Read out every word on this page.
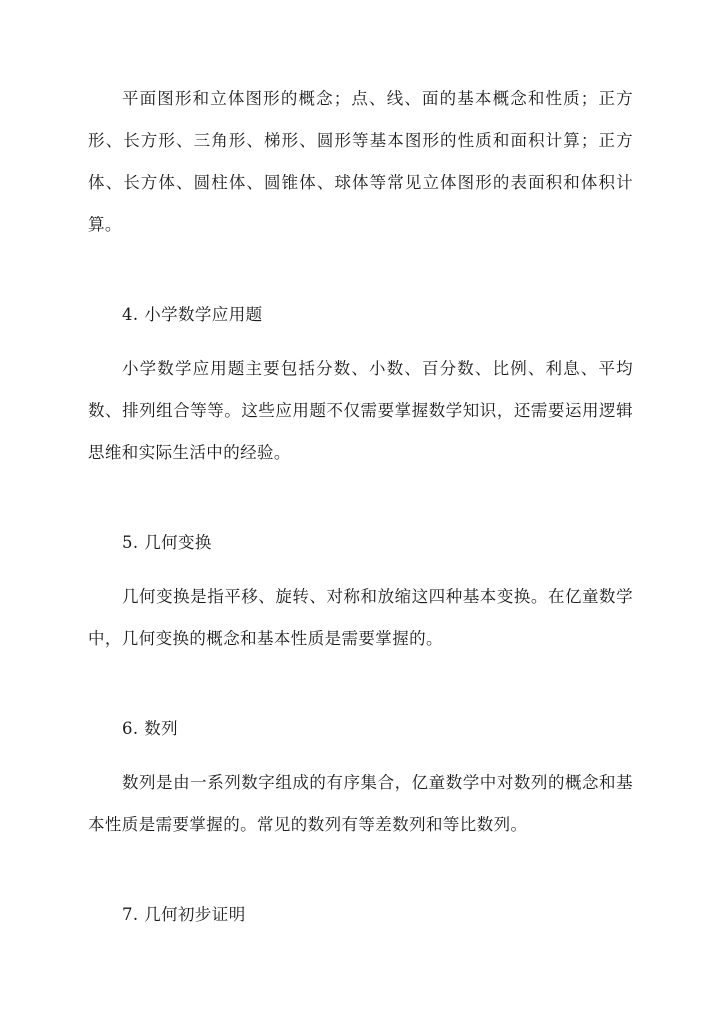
平面图形和立体图形的概念；点、线、面的基本概念和性质；正方形、长方形、三角形、梯形、圆形等基本图形的性质和面积计算；正方体、长方体、圆柱体、圆锥体、球体等常见立体图形的表面积和体积计算。

4. 小学数学应用题

小学数学应用题主要包括分数、小数、百分数、比例、利息、平均数、排列组合等等。这些应用题不仅需要掌握数学知识，还需要运用逻辑思维和实际生活中的经验。

5. 几何变换

几何变换是指平移、旋转、对称和放缩这四种基本变换。在亿童数学中，几何变换的概念和基本性质是需要掌握的。

6. 数列

数列是由一系列数字组成的有序集合，亿童数学中对数列的概念和基本性质是需要掌握的。常见的数列有等差数列和等比数列。

7. 几何初步证明
